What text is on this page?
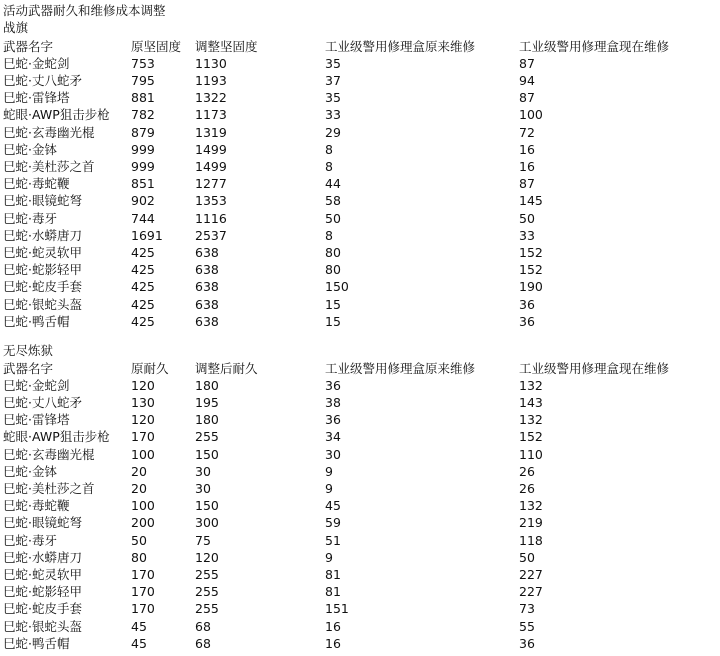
活动武器耐久和维修成本调整
战旗
武器名字	原坚固度 调整坚固度	工业级警用修理盒原来维修	工业级警用修理盒现在维修
巳蛇·金蛇剑	753	1130	35	87
巳蛇·丈八蛇矛	795	1193	37	94
巳蛇·雷锋塔	881	1322	35	87
蛇眼·AWP狙击步枪 782	1173	33	100
巳蛇·玄毒幽光棍	879	1319	29	72
巳蛇·金钵	999	1499	8	16
巳蛇·美杜莎之首	999	1499	8	16
巳蛇·毒蛇鞭	851	1277	44	87
巳蛇·眼镜蛇弩	902	1353	58	145
巳蛇·毒牙	744	1116	50	50
巳蛇·水蟒唐刀	1691	2537	8	33
巳蛇·蛇灵软甲	425	638	80	152
巳蛇·蛇影轻甲	425	638	80	152
巳蛇·蛇皮手套	425	638	150	190
巳蛇·银蛇头盔	425	638	15	36
巳蛇·鸭舌帽	425	638	15	36
无尽炼狱
武器名字	原耐久 调整后耐久	工业级警用修理盒原来维修	工业级警用修理盒现在维修
巳蛇·金蛇剑	120	180	36	132
巳蛇·丈八蛇矛	130	195	38	143
巳蛇·雷锋塔	120	180	36	132
蛇眼·AWP狙击步枪 170	255	34	152
巳蛇·玄毒幽光棍	100	150	30	110
巳蛇·金钵	20	30	9	26
巳蛇·美杜莎之首	20	30	9	26
巳蛇·毒蛇鞭	100	150	45	132
巳蛇·眼镜蛇弩	200	300	59	219
巳蛇·毒牙	50	75	51	118
巳蛇·水蟒唐刀	80	120	9	50
巳蛇·蛇灵软甲	170	255	81	227
巳蛇·蛇影轻甲	170	255	81	227
巳蛇·蛇皮手套	170	255	151	73
巳蛇·银蛇头盔	45	68	16	55
巳蛇·鸭舌帽	45	68	16	36
